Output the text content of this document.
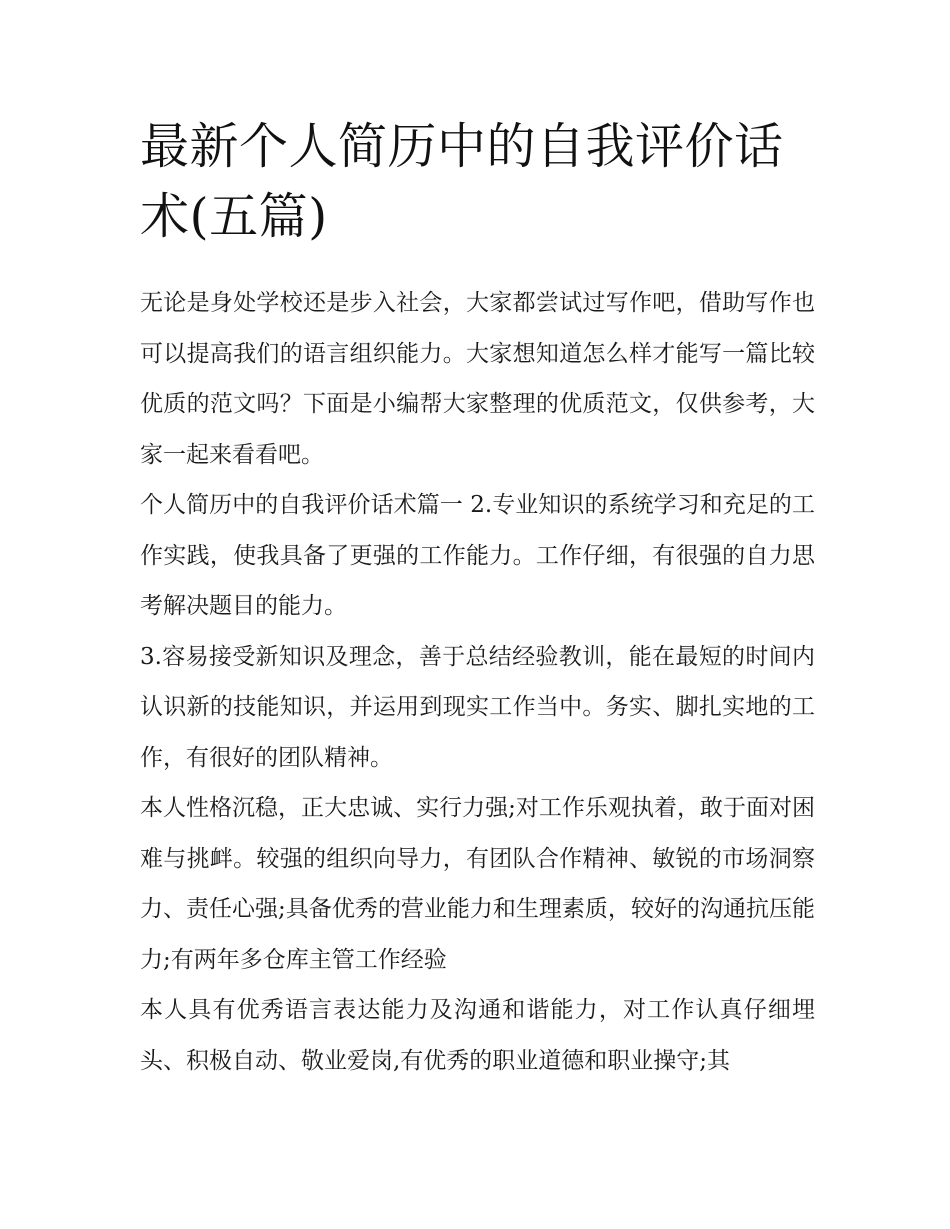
最新个人简历中的自我评价话术(五篇)

无论是身处学校还是步入社会，大家都尝试过写作吧，借助写作也可以提高我们的语言组织能力。大家想知道怎么样才能写一篇比较优质的范文吗？下面是小编帮大家整理的优质范文，仅供参考，大家一起来看看吧。

个人简历中的自我评价话术篇一 2.专业知识的系统学习和充足的工作实践，使我具备了更强的工作能力。工作仔细，有很强的自力思考解决题目的能力。

3.容易接受新知识及理念，善于总结经验教训，能在最短的时间内认识新的技能知识，并运用到现实工作当中。务实、脚扎实地的工作，有很好的团队精神。

本人性格沉稳，正大忠诚、实行力强;对工作乐观执着，敢于面对困难与挑衅。较强的组织向导力，有团队合作精神、敏锐的市场洞察力、责任心强;具备优秀的营业能力和生理素质，较好的沟通抗压能力;有两年多仓库主管工作经验

本人具有优秀语言表达能力及沟通和谐能力，对工作认真仔细埋头、积极自动、敬业爱岗,有优秀的职业道德和职业操守;其
